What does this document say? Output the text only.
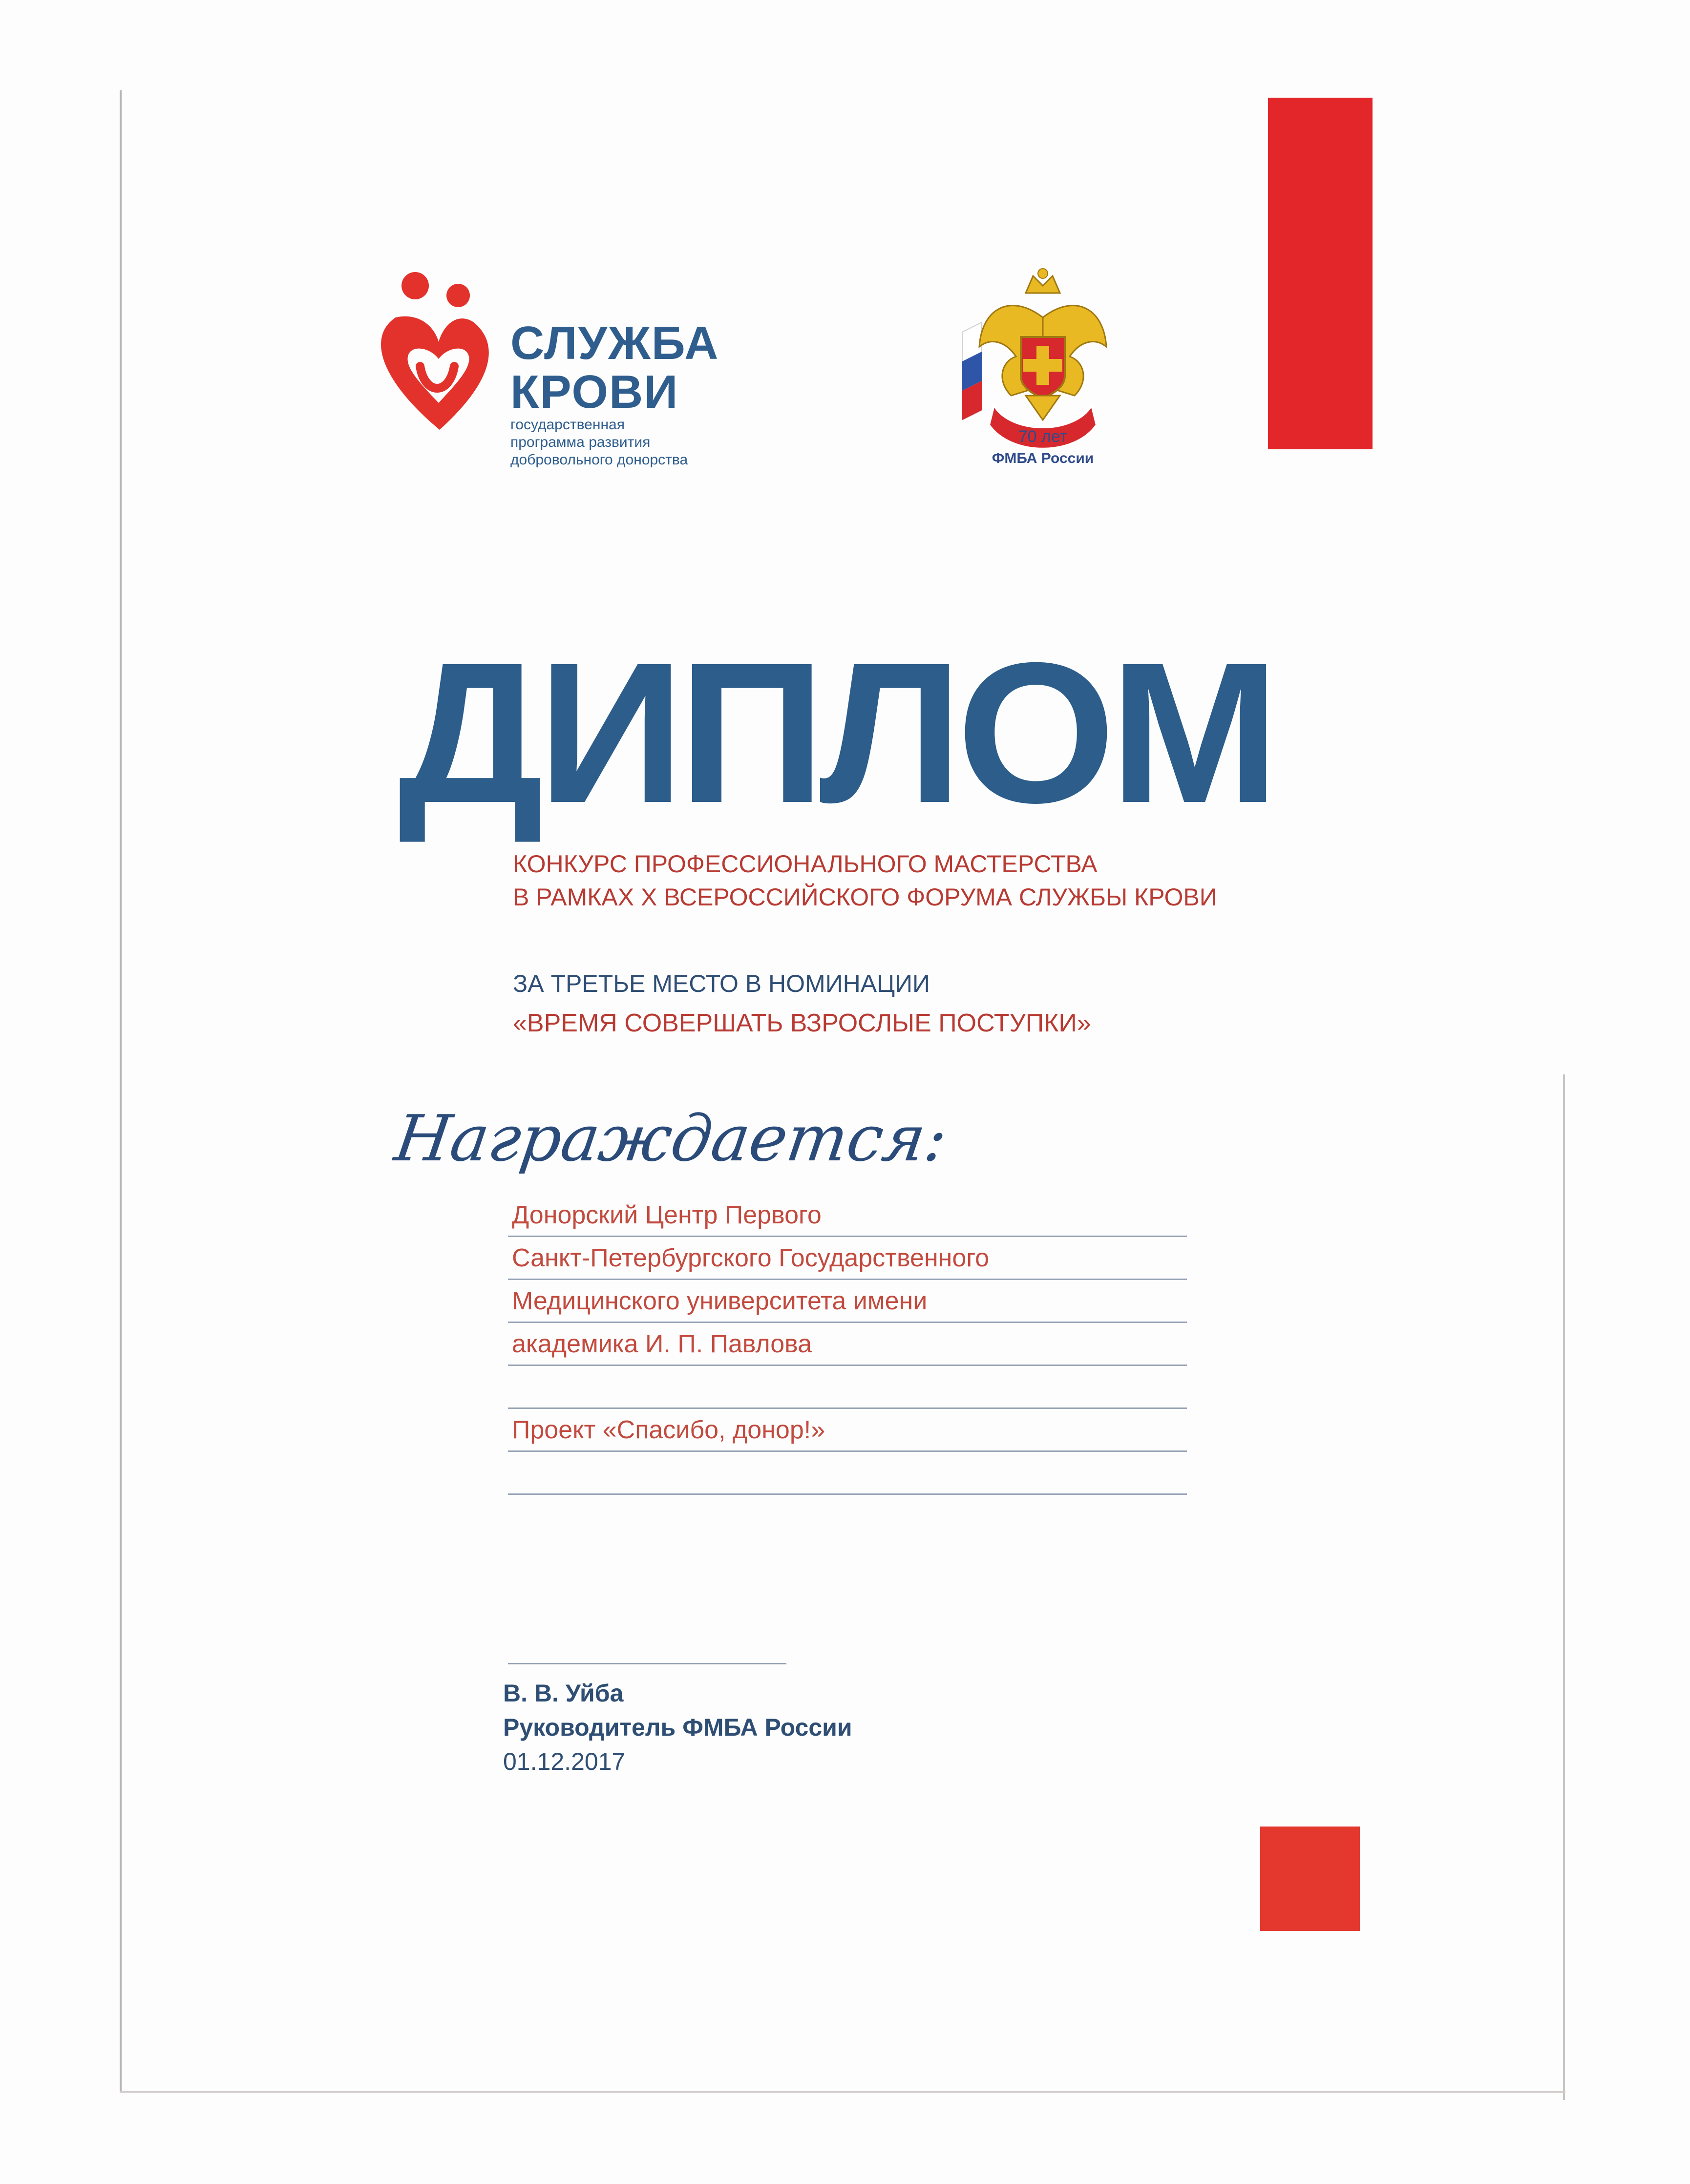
СЛУЖБА
КРОВИ
государственная
программа развития
добровольного донорства
70 лет
ФМБА России
ДИПЛОМ
КОНКУРС ПРОФЕССИОНАЛЬНОГО МАСТЕРСТВА
В РАМКАХ X ВСЕРОССИЙСКОГО ФОРУМА СЛУЖБЫ КРОВИ
ЗА ТРЕТЬЕ МЕСТО В НОМИНАЦИИ
«ВРЕМЯ СОВЕРШАТЬ ВЗРОСЛЫЕ ПОСТУПКИ»
Награждается:
Донорский Центр Первого
Санкт-Петербургского Государственного
Медицинского университета имени
академика И. П. Павлова
Проект «Спасибо, донор!»
В. В. Уйба
Руководитель ФМБА России
01.12.2017
